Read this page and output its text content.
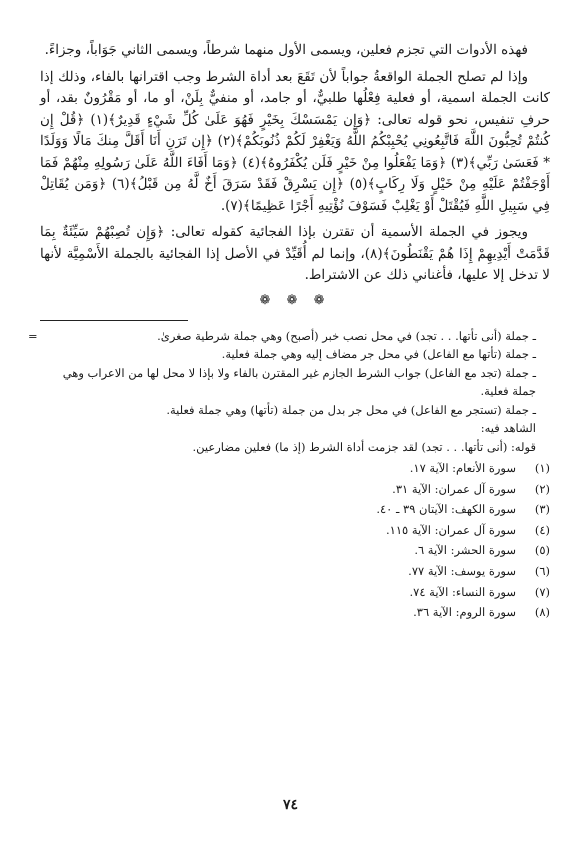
فهذه الأدوات التي تجزم فعلين، ويسمى الأول منهما شرطاً، ويسمى الثاني جَوَاباً، وجزاءً.

وإذا لم تصلح الجملة الواقعةُ جواباً لأن تَقَعَ بعد أداة الشرط وجب اقترانها بالفاء، وذلك إذا كانت الجملة اسمية، أو فعلية فِعْلُها طلبيٌّ، أو جامد، أو منفيٌّ بِلَنْ، أو ما، أو مَقْرُونٌ بقد، أو حرفِ تنفيس، نحو قوله تعالى: ﴿وَإِن يَمْسَسْكَ بِخَيْرٍ فَهُوَ عَلَىٰ كُلِّ شَيْءٍ قَدِيرٌ﴾(١) ﴿قُلْ إِن كُنتُمْ تُحِبُّونَ اللَّهَ فَاتَّبِعُونِي يُحْبِبْكُمُ اللَّهُ وَيَغْفِرْ لَكُمْ ذُنُوبَكُمْ﴾(٢) ﴿إِن تَرَنِ أَنَا أَقَلَّ مِنكَ مَالًا وَوَلَدًا * فَعَسَىٰ رَبِّي﴾(٣) ﴿وَمَا يَفْعَلُوا مِنْ خَيْرٍ فَلَن يُكْفَرُوهُ﴾(٤) ﴿وَمَا أَفَاءَ اللَّهُ عَلَىٰ رَسُولِهِ مِنْهُمْ فَمَا أَوْجَفْتُمْ عَلَيْهِ مِنْ خَيْلٍ وَلَا رِكَابٍ﴾(٥) ﴿إِن يَسْرِقْ فَقَدْ سَرَقَ أَخٌ لَّهُ مِن قَبْلُ﴾(٦) ﴿وَمَن يُقَاتِلْ فِي سَبِيلِ اللَّهِ فَيُقْتَلْ أَوْ يَغْلِبْ فَسَوْفَ نُؤْتِيهِ أَجْرًا عَظِيمًا﴾(٧).

ويجوز في الجملة الأسمية أن تقترن بإذا الفجائية كقوله تعالى: ﴿وَإِن تُصِبْهُمْ سَيِّئَةٌ بِمَا قَدَّمَتْ أَيْدِيهِمْ إِذَا هُمْ يَقْنَطُونَ﴾(٨)، وإنما لم أُقَيِّدْ في الأصل إذا الفجائية بالجملة الأَسْمِيَّة لأنها لا تدخل إلا عليها، فأغناني ذلك عن الاشتراط.

❁ ❁ ❁
=	ـ جملة (أنى تأتها. . . تجد) في محل نصب خبر (أصبح) وهي جملة شرطية صغرىٰ.

ـ جملة (تأتها مع الفاعل) في محل جر مضاف إليه وهي جملة فعلية.

ـ جملة (تجد مع الفاعل) جواب الشرط الجازم غير المقترن بالفاء ولا بإذا لا محل لها من الاعراب وهي جملة فعلية.

ـ جملة (تستجر مع الفاعل) في محل جر بدل من جملة (تأتها) وهي جملة فعلية.

الشاهد فيه:

قوله: (أنى تأتها. . . تجد) لقد جزمت أداة الشرط (إذ ما) فعلين مضارعين.

(١)
سورة الأنعام: الآية ١٧.
(٢)
سورة آل عمران: الآية ٣١.
(٣)
سورة الكهف: الآيتان ٣٩ ـ ٤٠.
(٤)
سورة آل عمران: الآية ١١٥.
(٥)
سورة الحشر: الآية ٦.
(٦)
سورة يوسف: الآية ٧٧.
(٧)
سورة النساء: الآية ٧٤.
(٨)
سورة الروم: الآية ٣٦.
٧٤
